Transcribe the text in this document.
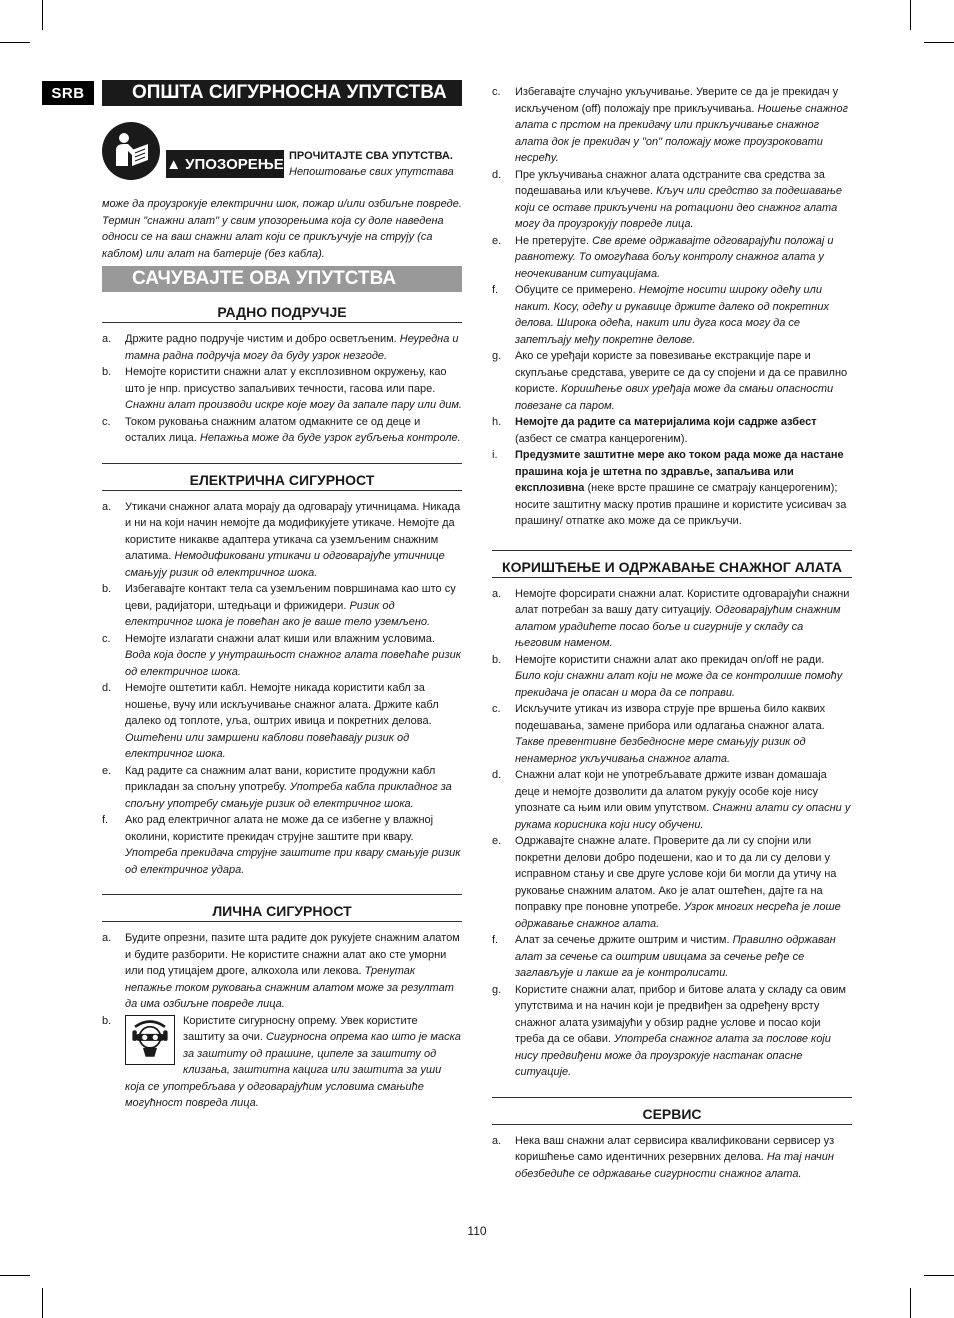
SRB	ОПШТА СИГУРНОСНА УПУТСТВА
▲ УПОЗОРЕЊЕ ПРОЧИТАЈТЕ СВА УПУТСТВА.
Непоштовање свих упутстава
може да проузрокује електрични шок, пожар и/или озбиљне повреде. Термин "снажни алат" у свим упозорењима која су доле наведена односи се на ваш снажни алат који се прикључује на струју (са каблом) или алат на батерије (без кабла).
САЧУВАЈТЕ ОВА УПУТСТВА
РАДНО ПОДРУЧЈЕ
a. Држите радно подручје чистим и добро осветљеним. Неуредна и тамна радна подручја могу да буду узрок незгоде.
b. Немојте користити снажни алат у експлозивном окружењу, као што је нпр. присуство запаљивих течности, гасова или паре. Снажни алат производи искре које могу да запале пару или дим.
c. Током руковања снажним алатом одмакните се од деце и осталих лица. Непажња може да буде узрок губљења контроле.
ЕЛЕКТРИЧНА СИГУРНОСТ
a. Утикачи снажног алата морају да одговарају утичницама. Никада и ни на који начин немојте да модификујете утикаче. Немојте да користите никакве адаптера утикача са уземљеним снажним алатима. Немодификовани утикачи и одговарајуће утичнице смањују ризик од електричног шока.
b. Избегавајте контакт тела са уземљеним површинама као што су цеви, радијатори, штедњаци и фрижидери. Ризик од електричног шока је повећан ако је ваше тело уземљено.
c. Немојте излагати снажни алат киши или влажним условима. Вода која доспе у унутрашњост снажног алата повећаће ризик од електричног шока.
d. Немојте оштетити кабл. Немојте никада користити кабл за ношење, вучу или искључивање снажног алата. Држите кабл далеко од топлоте, уља, оштрих ивица и покретних делова. Оштећени или замршени каблови повећавају ризик од електричног шока.
e. Кад радите са снажним алат вани, користите продужни кабл прикладан за спољну употребу. Употреба кабла прикладног за спољну употребу смањује ризик од електричног шока.
f. Ако рад електричног алата не може да се избегне у влажној околини, користите прекидач струјне заштите при квару. Употреба прекидача струјне заштите при квару смањује ризик од електричног удара.
ЛИЧНА СИГУРНОСТ
a. Будите опрезни, пазите шта радите док рукујете снажним алатом и будите разборити. Не користите снажни алат ако сте уморни или под утицајем дроге, алкохола или лекова. Тренутак непажње током руковања снажним алатом може за резултат да има озбиљне повреде лица.
b.	Користите сигурносну опрему. Увек користите заштиту за очи. Сигурносна опрема као што је маска за заштиту од прашине, ципеле за заштиту од клизања, заштитна кацига или заштита за уши која се употребљава у одговарајућим условима смањиће могућност повреда лица.
c. Избегавајте случајно укључивање. Уверите се да је прекидач у искљученом (off) положају пре прикључивања. Ношење снажног алата с прстом на прекидачу или прикључивање снажног алата док је прекидач у "on" положају може проузроковати несрећу.
d. Пре укључивања снажног алата одстраните сва средства за подешавања или кључеве. Кључ или средство за подешавање који се оставе прикључени на ротациони део снажног алата могу да проузрокују повреде лица.
e. Не претерујте. Све време одржавајте одговарајући положај и равнотежу. То омогућава бољу контролу снажног алата у неочекиваним ситуацијама.
f. Обуците се примерено. Немојте носити широку одећу или накит. Косу, одећу и рукавице држите далеко од покретних делова. Широка одећа, накит или дуга коса могу да се запетљају међу покретне делове.
g. Ако се уређаји користе за повезивање екстракције паре и скупљање средстава, уверите се да су спојени и да се правилно користе. Коришћење ових уређаја може да смањи опасности повезане са паром.
h. Немојте да радите са материјалима који садрже азбест (азбест се сматра канцерогеним).
i. Предузмите заштитне мере ако током рада може да настане прашина која је штетна по здравље, запаљива или експлозивна (неке врсте прашине се сматрају канцерогеним); носите заштитну маску против прашине и користите усисивач за прашину/ отпатке ако може да се прикључи.
КОРИШЋЕЊЕ И ОДРЖАВАЊЕ СНАЖНОГ АЛАТА
a. Немојте форсирати снажни алат. Користите одговарајући снажни алат потребан за вашу дату ситуацију. Одговарајућим снажним алатом урадићете посао боље и сигурније у складу са његовим наменом.
b. Немојте користити снажни алат ако прекидач on/off не ради. Било који снажни алат који не може да се контролише помоћу прекидача је опасан и мора да се поправи.
c. Искључите утикач из извора струје пре вршења било каквих подешавања, замене прибора или одлагања снажног алата. Такве превентивне безбедносне мере смањују ризик од ненамерног укључивања снажног алата.
d. Снажни алат који не употребљавате држите изван домашаја деце и немојте дозволити да алатом рукују особе које нису упознате са њим или овим упутством. Снажни алати су опасни у рукама корисника који нису обучени.
e. Одржавајте снажне алате. Проверите да ли су спојни или покретни делови добро подешени, као и то да ли су делови у исправном стању и све друге услове који би могли да утичу на руковање снажним алатом. Ако је алат оштећен, дајте га на поправку пре поновне употребе. Узрок многих несрећа је лоше одржавање снажног алата.
f. Алат за сечење држите оштрим и чистим. Правилно одржаван алат за сечење са оштрим ивицама за сечење ређе се заглављује и лакше га је контролисати.
g. Користите снажни алат, прибор и битове алата у складу са овим упутствима и на начин који је предвиђен за одређену врсту снажног алата узимајући у обзир радне услове и посао који треба да се обави. Употреба снажног алата за послове који нису предвиђени може да проузрокује настанак опасне ситуације.
СЕРВИС
a. Нека ваш снажни алат сервисира квалификовани сервисер уз коришћење само идентичних резервних делова. На тај начин обезбедиће се одржавање сигурности снажног алата.
110
